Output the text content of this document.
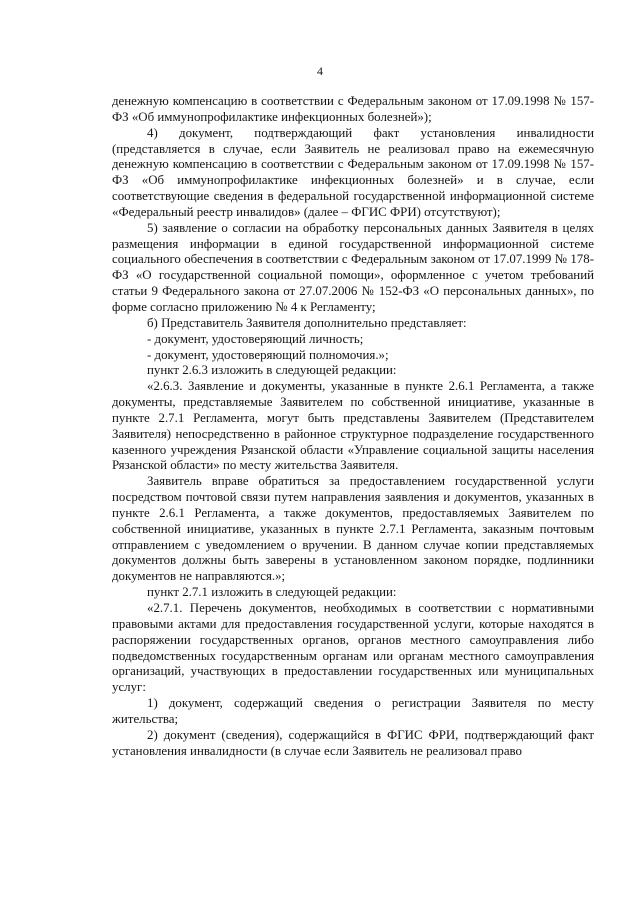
4

денежную компенсацию в соответствии с Федеральным законом от 17.09.1998 № 157-ФЗ «Об иммунопрофилактике инфекционных болезней»);

4) документ, подтверждающий факт установления инвалидности (представляется в случае, если Заявитель не реализовал право на ежемесячную денежную компенсацию в соответствии с Федеральным законом от 17.09.1998 № 157-ФЗ «Об иммунопрофилактике инфекционных болезней» и в случае, если соответствующие сведения в федеральной государственной информационной системе «Федеральный реестр инвалидов» (далее – ФГИС ФРИ) отсутствуют);

5) заявление о согласии на обработку персональных данных Заявителя в целях размещения информации в единой государственной информационной системе социального обеспечения в соответствии с Федеральным законом от 17.07.1999 № 178-ФЗ «О государственной социальной помощи», оформленное с учетом требований статьи 9 Федерального закона от 27.07.2006 № 152-ФЗ «О персональных данных», по форме согласно приложению № 4 к Регламенту;

б) Представитель Заявителя дополнительно представляет:

- документ, удостоверяющий личность;

- документ, удостоверяющий полномочия.»;

пункт 2.6.3 изложить в следующей редакции:

«2.6.3. Заявление и документы, указанные в пункте 2.6.1 Регламента, а также документы, представляемые Заявителем по собственной инициативе, указанные в пункте 2.7.1 Регламента, могут быть представлены Заявителем (Представителем Заявителя) непосредственно в районное структурное подразделение государственного казенного учреждения Рязанской области «Управление социальной защиты населения Рязанской области» по месту жительства Заявителя.

Заявитель вправе обратиться за предоставлением государственной услуги посредством почтовой связи путем направления заявления и документов, указанных в пункте 2.6.1 Регламента, а также документов, предоставляемых Заявителем по собственной инициативе, указанных в пункте 2.7.1 Регламента, заказным почтовым отправлением с уведомлением о вручении. В данном случае копии представляемых документов должны быть заверены в установленном законом порядке, подлинники документов не направляются.»;

пункт 2.7.1 изложить в следующей редакции:

«2.7.1. Перечень документов, необходимых в соответствии с нормативными правовыми актами для предоставления государственной услуги, которые находятся в распоряжении государственных органов, органов местного самоуправления либо подведомственных государственным органам или органам местного самоуправления организаций, участвующих в предоставлении государственных или муниципальных услуг:

1) документ, содержащий сведения о регистрации Заявителя по месту жительства;

2) документ (сведения), содержащийся в ФГИС ФРИ, подтверждающий факт установления инвалидности (в случае если Заявитель не реализовал право
